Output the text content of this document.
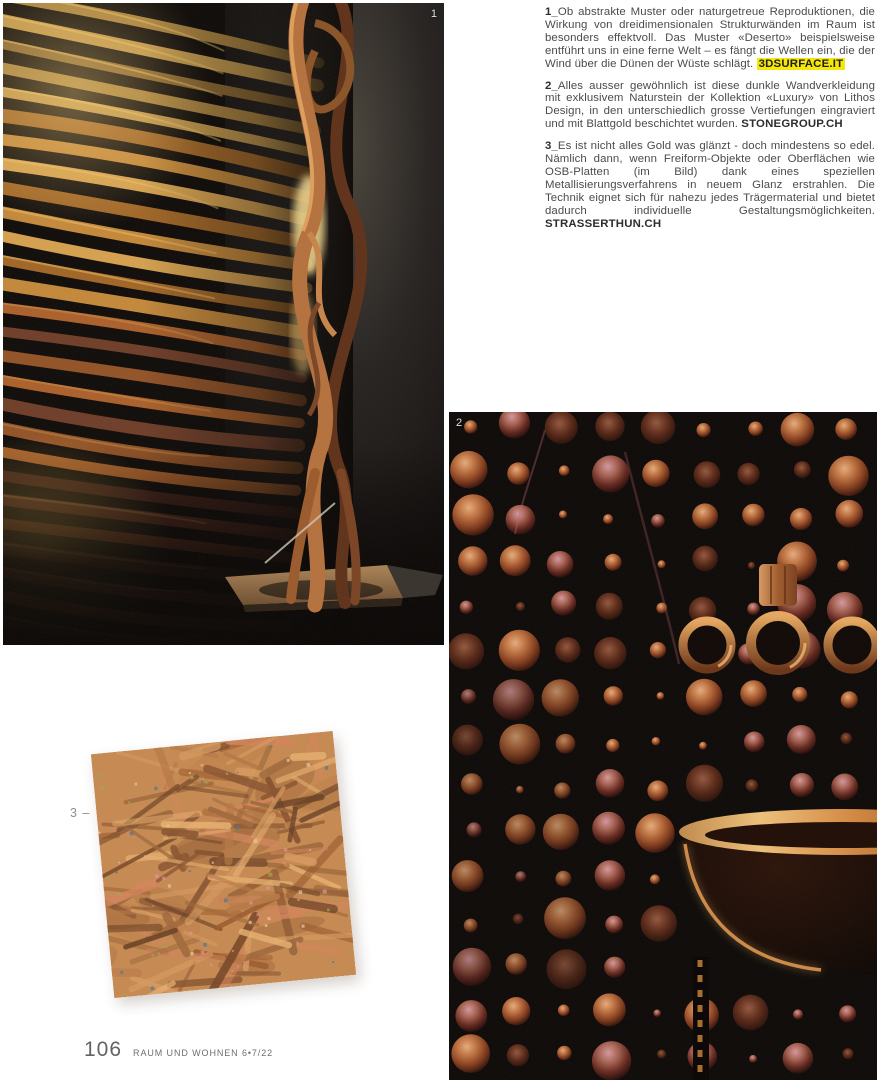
1
2
3 –

1_Ob abstrakte Muster oder naturgetreue Reproduktionen, die Wirkung von dreidimensionalen Strukturwänden im Raum ist besonders effektvoll. Das Muster «Deserto» beispielsweise entführt uns in eine ferne Welt – es fängt die Wellen ein, die der Wind über die Dünen der Wüste schlägt. 3DSURFACE.IT

2_Alles ausser gewöhnlich ist diese dunkle Wandverkleidung mit exklusivem Naturstein der Kollektion «Luxury» von Lithos Design, in den unterschiedlich grosse Vertiefungen eingraviert und mit Blattgold beschichtet wurden. STONEGROUP.CH

3_Es ist nicht alles Gold was glänzt - doch mindestens so edel. Nämlich dann, wenn Freiform-Objekte oder Oberflächen wie OSB-Platten (im Bild) dank eines speziellen Metallisierungsverfahrens in neuem Glanz erstrahlen. Die Technik eignet sich für nahezu jedes Trägermaterial und bietet dadurch individuelle Gestaltungsmöglichkeiten. STRASSERTHUN.CH

106 RAUM UND WOHNEN 6•7/22
